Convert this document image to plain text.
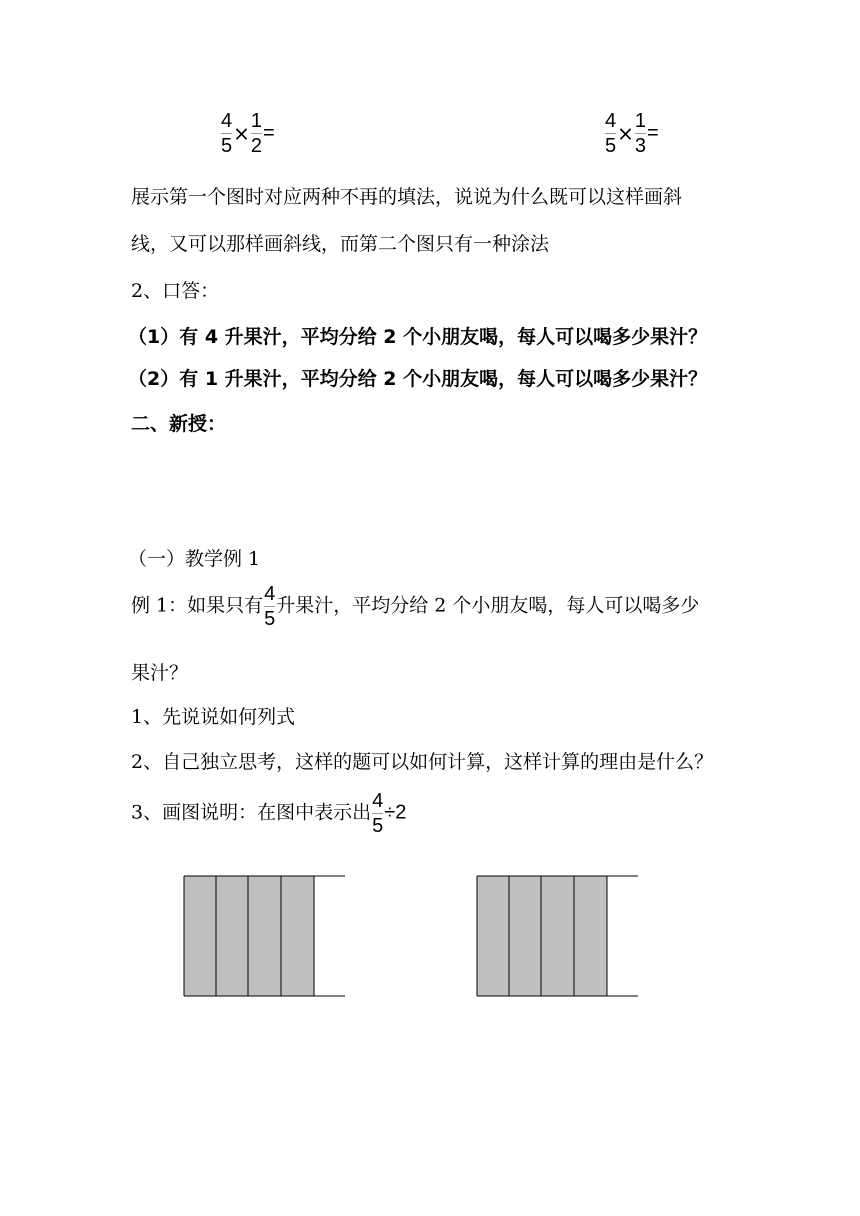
$\frac{4}{5} \times \frac{1}{2}$ =	$\frac{4}{5} \times \frac{1}{3}$ =
展示第一个图时对应两种不再的填法，说说为什么既可以这样画斜
线，又可以那样画斜线，而第二个图只有一种涂法
2、口答：
（1）有 4 升果汁，平均分给 2 个小朋友喝，每人可以喝多少果汁？
（2）有 1 升果汁，平均分给 2 个小朋友喝，每人可以喝多少果汁？
二、新授：
（一）教学例 1
例 1：如果只有 $\frac{4}{5}$ 升果汁，平均分给 2 个小朋友喝，每人可以喝多少
果汁？
1、先说说如何列式
2、自己独立思考，这样的题可以如何计算，这样计算的理由是什么？
3、画图说明：在图中表示出 $\frac{4}{5} \div 2$
